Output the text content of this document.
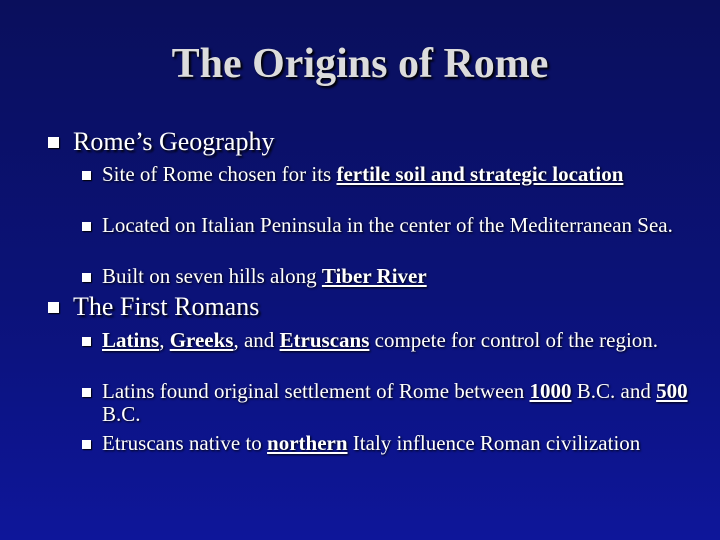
The Origins of Rome
Rome’s Geography
Site of Rome chosen for its fertile soil and strategic location
Located on Italian Peninsula in the center of the Mediterranean Sea.
Built on seven hills along Tiber River
The First Romans
Latins, Greeks, and Etruscans compete for control of the region.
Latins found original settlement of Rome between 1000 B.C. and 500 B.C.
Etruscans native to northern Italy influence Roman civilization
